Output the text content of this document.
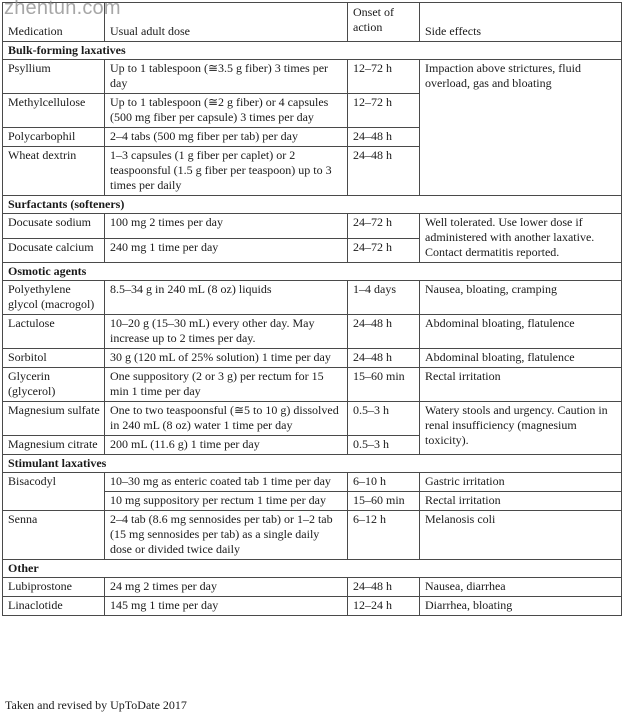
zhentun.com
Medication	Usual adult dose	Onset of action	Side effects
Bulk-forming laxatives			
Psyllium	Up to 1 tablespoon (≅3.5 g fiber) 3 times per day	12–72 h	Impaction above strictures, fluid overload, gas and bloating
Methylcellulose	Up to 1 tablespoon (≅2 g fiber) or 4 capsules (500 mg fiber per capsule) 3 times per day	12–72 h	
Polycarbophil	2–4 tabs (500 mg fiber per tab) per day	24–48 h	
Wheat dextrin	1–3 capsules (1 g fiber per caplet) or 2 teaspoonsful (1.5 g fiber per teaspoon) up to 3 times per daily	24–48 h	
Surfactants (softeners)			
Docusate sodium	100 mg 2 times per day	24–72 h	Well tolerated. Use lower dose if administered with another laxative. Contact dermatitis reported.
Docusate calcium	240 mg 1 time per day	24–72 h	
Osmotic agents			
Polyethylene glycol (macrogol)	8.5–34 g in 240 mL (8 oz) liquids	1–4 days	Nausea, bloating, cramping
Lactulose	10–20 g (15–30 mL) every other day. May increase up to 2 times per day.	24–48 h	Abdominal bloating, flatulence
Sorbitol	30 g (120 mL of 25% solution) 1 time per day	24–48 h	Abdominal bloating, flatulence
Glycerin (glycerol)	One suppository (2 or 3 g) per rectum for 15 min 1 time per day	15–60 min	Rectal irritation
Magnesium sulfate	One to two teaspoonsful (≅5 to 10 g) dissolved in 240 mL (8 oz) water 1 time per day	0.5–3 h	Watery stools and urgency. Caution in renal insufficiency (magnesium toxicity).
Magnesium citrate	200 mL (11.6 g) 1 time per day	0.5–3 h	
Stimulant laxatives			
Bisacodyl	10–30 mg as enteric coated tab 1 time per day	6–10 h	Gastric irritation
	10 mg suppository per rectum 1 time per day	15–60 min	Rectal irritation
Senna	2–4 tab (8.6 mg sennosides per tab) or 1–2 tab (15 mg sennosides per tab) as a single daily dose or divided twice daily	6–12 h	Melanosis coli
Other			
Lubiprostone	24 mg 2 times per day	24–48 h	Nausea, diarrhea
Linaclotide	145 mg 1 time per day	12–24 h	Diarrhea, bloating
Taken and revised by UpToDate 2017
